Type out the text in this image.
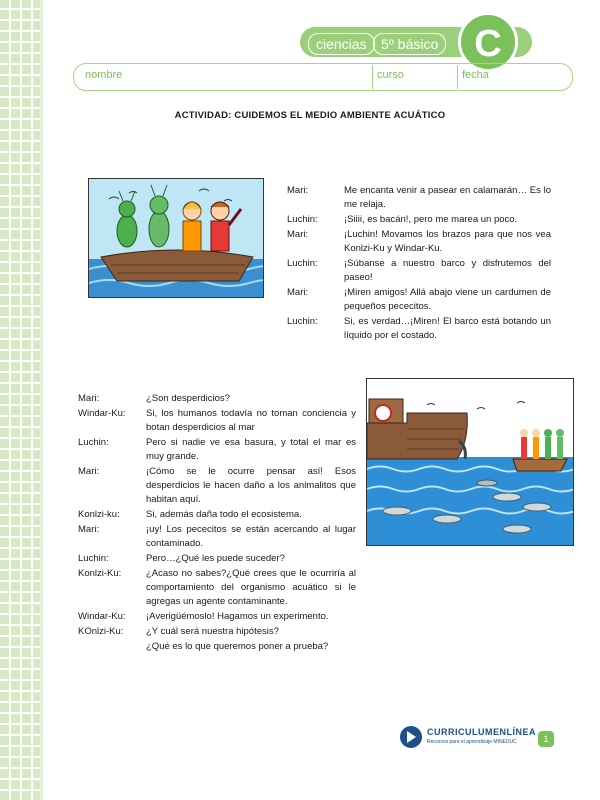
ciencias	5º básico C
nombre	curso	fecha
ACTIVIDAD: CUIDEMOS EL MEDIO AMBIENTE ACUÁTICO
Mari:	Me encanta venir a pasear en calamarán… Es lo me relaja.
Luchin:	¡Siiii, es bacán!, pero me marea un poco.
Mari:	¡Luchin! Movamos los brazos para que nos vea Konlzi-Ku y Windar-Ku.
Luchin:	¡Súbanse a nuestro barco y disfrutemos del paseo!
Mari:	¡Miren amigos! Allá abajo viene un cardumen de pequeños pececitos.
Luchin:	Si, es verdad…¡Miren! El barco está botando un líquido por el costado.
Mari:	¿Son desperdicios?
Windar-Ku:	Si, los humanos todavía no toman conciencia y botan desperdicios al mar
Luchin:	Pero si nadie ve esa basura, y total el mar es muy grande.
Mari:	¡Cómo se le ocurre pensar así! Esos desperdicios le hacen daño a los animalitos que habitan aquí.
Konlzi-ku:	Si, además daña todo el ecosistema.
Mari:	¡uy! Los pececitos se están acercando al lugar contaminado.
Luchin:	Pero…¿Qué les puede suceder?
Konlzi-Ku:	¿Acaso no sabes?¿Qué crees que le ocurriría al comportamiento del organismo acuático si le agregas un agente contaminante.
Windar-Ku:	¡Averigüémoslo! Hagamos un experimento.
KOnlzi-Ku:	¿Y cuál será nuestra hipótesis?
¿Qué es lo que queremos poner a prueba?
CURRICULUMENLÍNEA
Recursos para el aprendizaje MINEDUC	1
